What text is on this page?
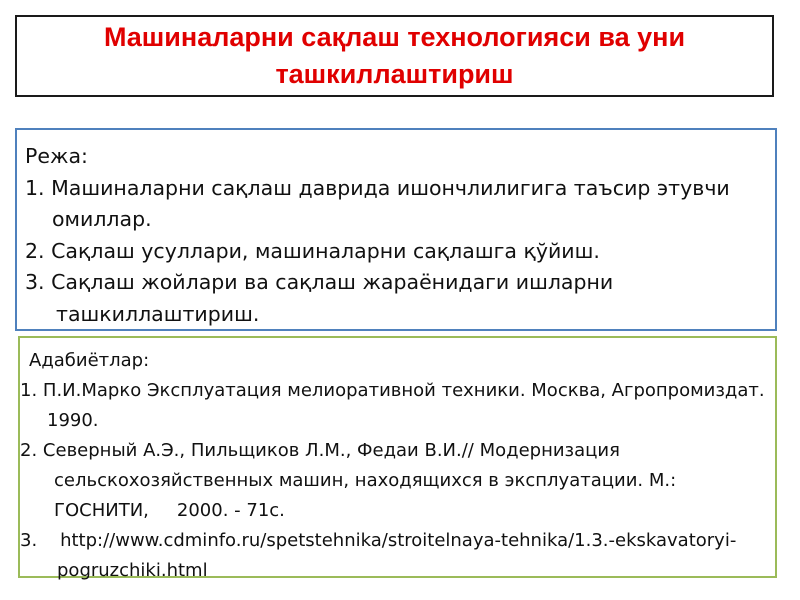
Машиналарни сақлаш технологияси ва уни ташкиллаштириш

Режа:

1. Машиналарни сақлаш даврида ишончлилигига таъсир этувчи омиллар.

2. Сақлаш усуллари, машиналарни сақлашга қўйиш.

3. Сақлаш жойлари ва сақлаш жараёнидаги ишларни ташкиллаштириш.

Адабиётлар:

1. П.И.Марко Эксплуатация мелиоративной техники. Москва, Агропромиздат. 1990.

2. Северный А.Э., Пильщиков Л.М., Федаи В.И.// Модернизация сельскохозяйственных машин, находящихся в эксплуатации. М.: ГОСНИТИ, 2000. - 71с.

3. http://www.cdminfo.ru/spetstehnika/stroitelnaya-tehnika/1.3.-ekskavatoryi-pogruzchiki.html
